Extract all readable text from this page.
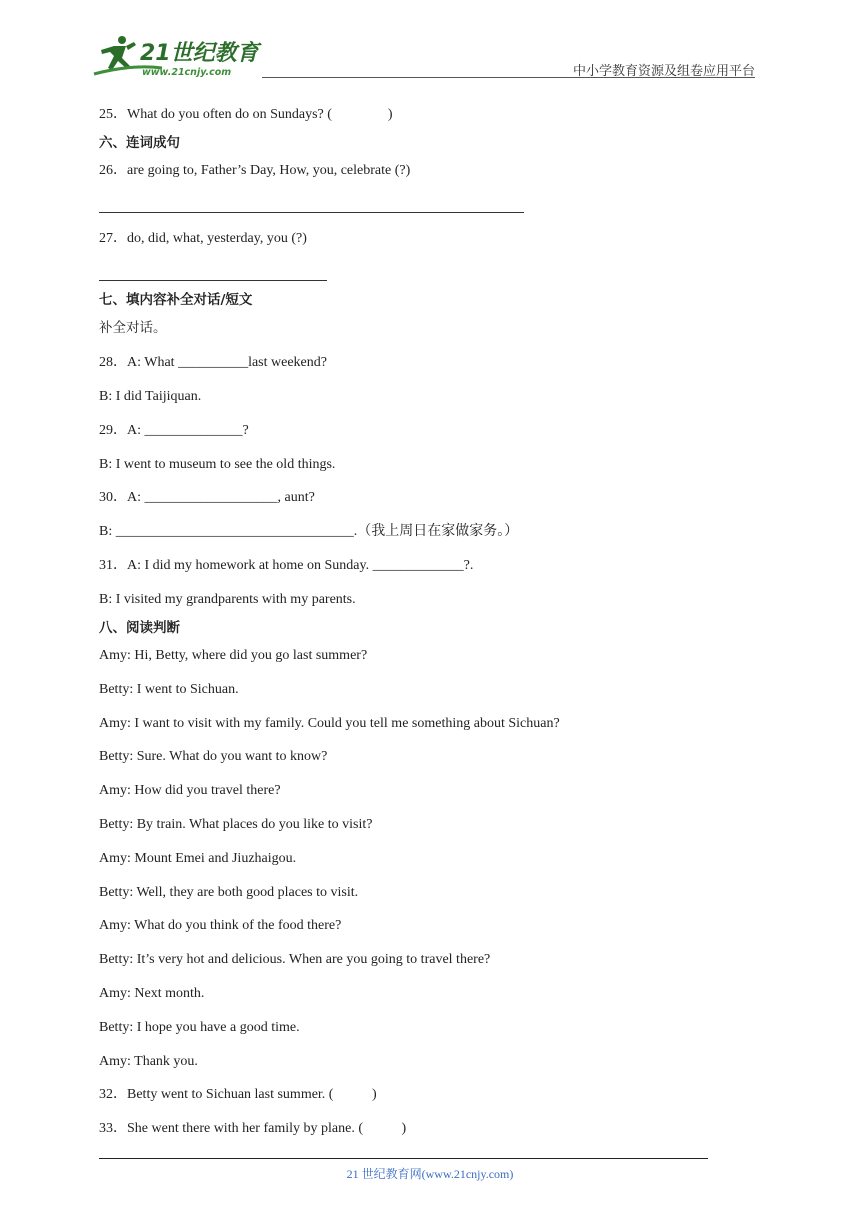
21世纪教育
www.21cnjy.com	中小学教育资源及组卷应用平台
25．What do you often do on Sundays? (                )
六、连词成句
26．are going to, Father’s Day, How, you, celebrate (?)
27．do, did, what, yesterday, you (?)
七、填内容补全对话/短文
补全对话。
28．A: What __________last weekend?
B: I did Taijiquan.
29．A: ______________?
B: I went to museum to see the old things.
30．A: ___________________, aunt?
B: __________________________________.（我上周日在家做家务。）
31．A: I did my homework at home on Sunday. _____________?.
B: I visited my grandparents with my parents.
八、阅读判断
Amy: Hi, Betty, where did you go last summer?
Betty: I went to Sichuan.
Amy: I want to visit with my family. Could you tell me something about Sichuan?
Betty: Sure. What do you want to know?
Amy: How did you travel there?
Betty: By train. What places do you like to visit?
Amy: Mount Emei and Jiuzhaigou.
Betty: Well, they are both good places to visit.
Amy: What do you think of the food there?
Betty: It’s very hot and delicious. When are you going to travel there?
Amy: Next month.
Betty: I hope you have a good time.
Amy: Thank you.
32．Betty went to Sichuan last summer. (           )
33．She went there with her family by plane. (           )
21 世纪教育网(www.21cnjy.com)
